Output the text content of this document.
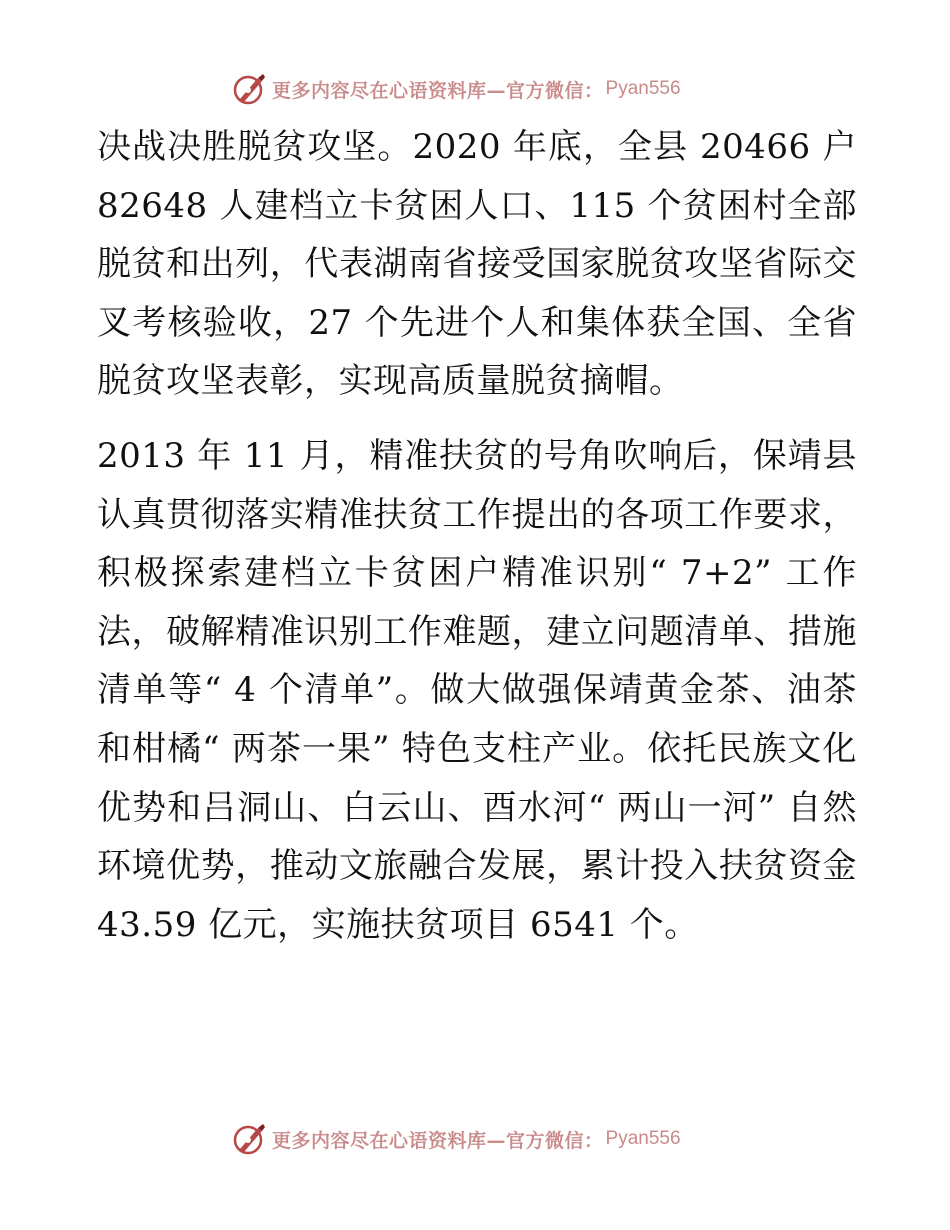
更多内容尽在心语资料库—官方微信： Pyan556

决战决胜脱贫攻坚。2020 年底，全县 20466 户 82648 人建档立卡贫困人口、115 个贫困村全部脱贫和出列，代表湖南省接受国家脱贫攻坚省际交叉考核验收，27 个先进个人和集体获全国、全省脱贫攻坚表彰，实现高质量脱贫摘帽。

2013 年 11 月，精准扶贫的号角吹响后，保靖县认真贯彻落实精准扶贫工作提出的各项工作要求，积极探索建档立卡贫困户精准识别“ 7+2” 工作法，破解精准识别工作难题，建立问题清单、措施清单等“ 4 个清单”。做大做强保靖黄金茶、油茶和柑橘“ 两茶一果” 特色支柱产业。依托民族文化优势和吕洞山、白云山、酉水河“ 两山一河” 自然环境优势，推动文旅融合发展，累计投入扶贫资金 43.59 亿元，实施扶贫项目 6541 个。

更多内容尽在心语资料库—官方微信： Pyan556
